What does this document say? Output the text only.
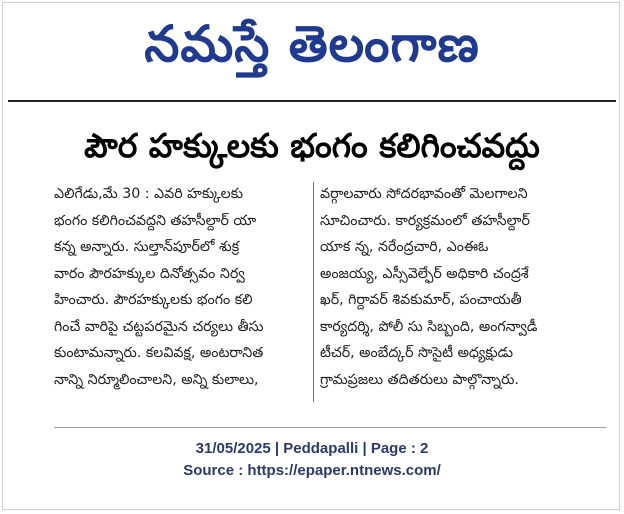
నమస్తే తెలంగాణ
పౌర హక్కులకు భంగం కలిగించవద్దు
ఎలిగేడు,మే 30 : ఎవరి హక్కులకు
భంగం కలిగించవద్దని తహసీల్దార్ యా
కన్న అన్నారు. సుల్తాన్‌పూర్‌లో శుక్ర
వారం పౌరహక్కుల దినోత్సవం నిర్వ
హించారు. పౌరహక్కులకు భంగం కలి
గించే వారిపై చట్టపరమైన చర్యలు తీసు
కుంటామన్నారు. కలవివక్ష, అంటరానిత
నాన్ని నిర్మూలించాలని, అన్ని కులాలు,
వర్గాలవారు సోదరభావంతో మెలగాలని
సూచించారు. కార్యక్రమంలో తహసీల్దార్
యాక న్న, నరేంద్రచారి, ఎంఈఓ
అంజయ్య, ఎస్సీవెల్ఫేర్ అధికారి చంద్రశే
ఖర్, గిర్దావర్ శివకుమార్, పంచాయతీ
కార్యదర్శి, పోలీ సు సిబ్బంది, అంగన్వాడీ
టీచర్, అంబేద్కర్ సొసైటీ అధ్యక్షుడు
గ్రామప్రజలు తదితరులు పాల్గొన్నారు.
31/05/2025 | Peddapalli | Page : 2
Source : https://epaper.ntnews.com/
